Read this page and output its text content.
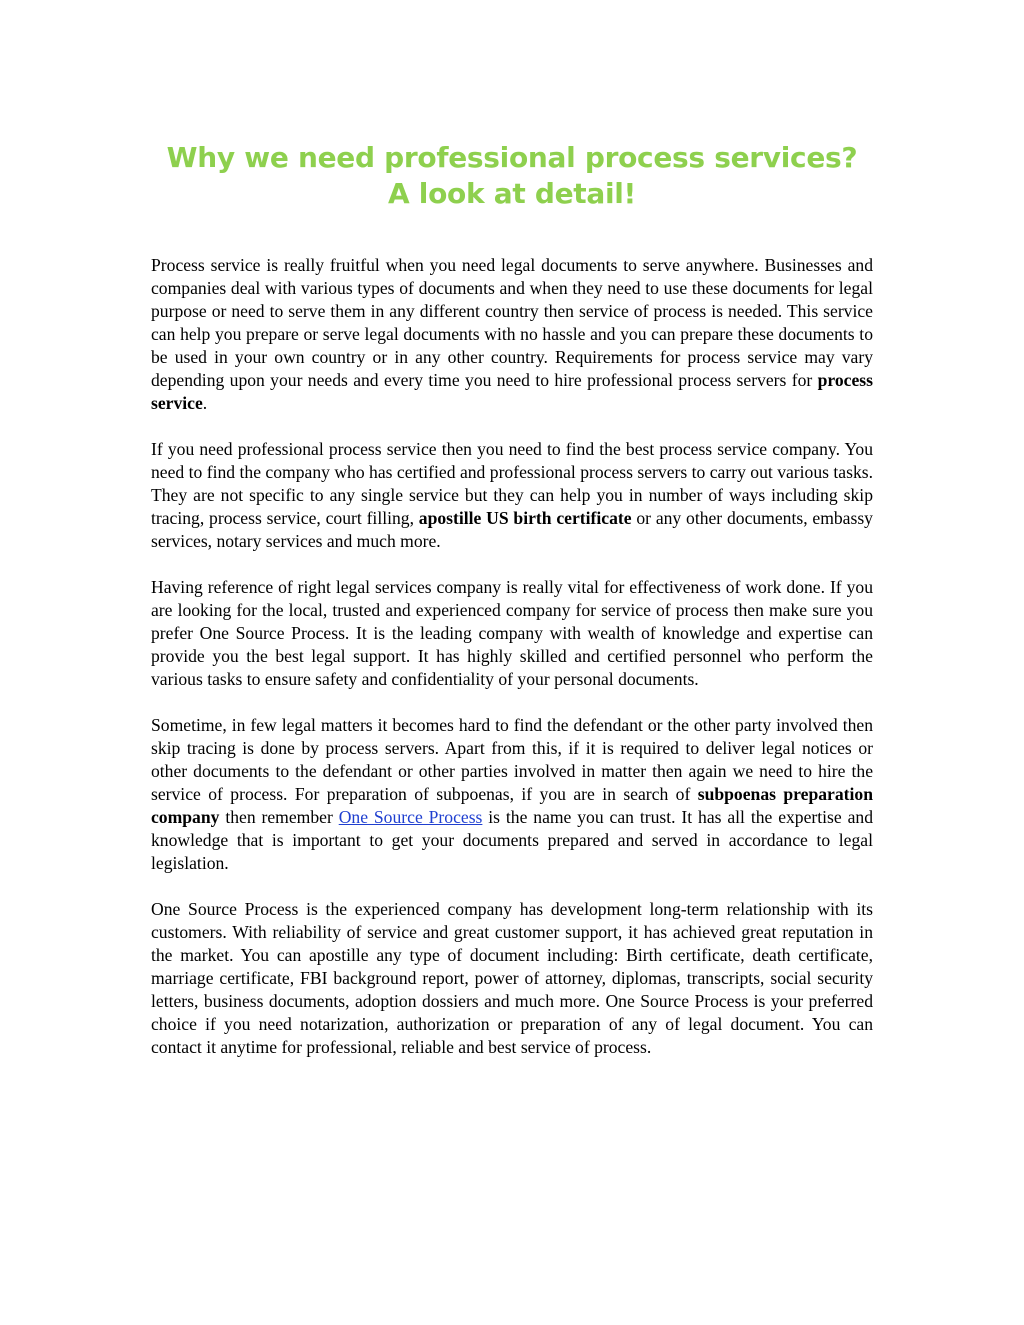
Why we need professional process services?
A look at detail!

Process service is really fruitful when you need legal documents to serve anywhere. Businesses and companies deal with various types of documents and when they need to use these documents for legal purpose or need to serve them in any different country then service of process is needed. This service can help you prepare or serve legal documents with no hassle and you can prepare these documents to be used in your own country or in any other country. Requirements for process service may vary depending upon your needs and every time you need to hire professional process servers for process service.

If you need professional process service then you need to find the best process service company. You need to find the company who has certified and professional process servers to carry out various tasks. They are not specific to any single service but they can help you in number of ways including skip tracing, process service, court filling, apostille US birth certificate or any other documents, embassy services, notary services and much more.

Having reference of right legal services company is really vital for effectiveness of work done. If you are looking for the local, trusted and experienced company for service of process then make sure you prefer One Source Process. It is the leading company with wealth of knowledge and expertise can provide you the best legal support. It has highly skilled and certified personnel who perform the various tasks to ensure safety and confidentiality of your personal documents.

Sometime, in few legal matters it becomes hard to find the defendant or the other party involved then skip tracing is done by process servers. Apart from this, if it is required to deliver legal notices or other documents to the defendant or other parties involved in matter then again we need to hire the service of process. For preparation of subpoenas, if you are in search of subpoenas preparation company then remember One Source Process is the name you can trust. It has all the expertise and knowledge that is important to get your documents prepared and served in accordance to legal legislation.

One Source Process is the experienced company has development long-term relationship with its customers. With reliability of service and great customer support, it has achieved great reputation in the market. You can apostille any type of document including: Birth certificate, death certificate, marriage certificate, FBI background report, power of attorney, diplomas, transcripts, social security letters, business documents, adoption dossiers and much more. One Source Process is your preferred choice if you need notarization, authorization or preparation of any of legal document. You can contact it anytime for professional, reliable and best service of process.
